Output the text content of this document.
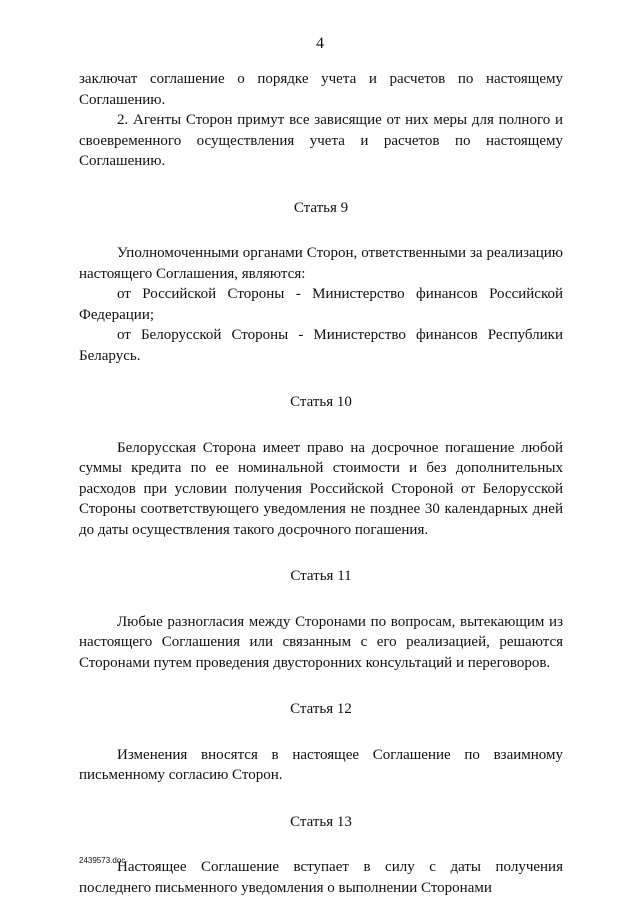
4

заключат соглашение о порядке учета и расчетов по настоящему Соглашению.

2. Агенты Сторон примут все зависящие от них меры для полного и своевременного осуществления учета и расчетов по настоящему Соглашению.

Статья 9

Уполномоченными органами Сторон, ответственными за реализацию настоящего Соглашения, являются:

от Российской Стороны - Министерство финансов Российской Федерации;

от Белорусской Стороны - Министерство финансов Республики Беларусь.

Статья 10

Белорусская Сторона имеет право на досрочное погашение любой суммы кредита по ее номинальной стоимости и без дополнительных расходов при условии получения Российской Стороной от Белорусской Стороны соответствующего уведомления не позднее 30 календарных дней до даты осуществления такого досрочного погашения.

Статья 11

Любые разногласия между Сторонами по вопросам, вытекающим из настоящего Соглашения или связанным с его реализацией, решаются Сторонами путем проведения двусторонних консультаций и переговоров.

Статья 12

Изменения вносятся в настоящее Соглашение по взаимному письменному согласию Сторон.

Статья 13

Настоящее Соглашение вступает в силу с даты получения последнего письменного уведомления о выполнении Сторонами

2439573.doc
